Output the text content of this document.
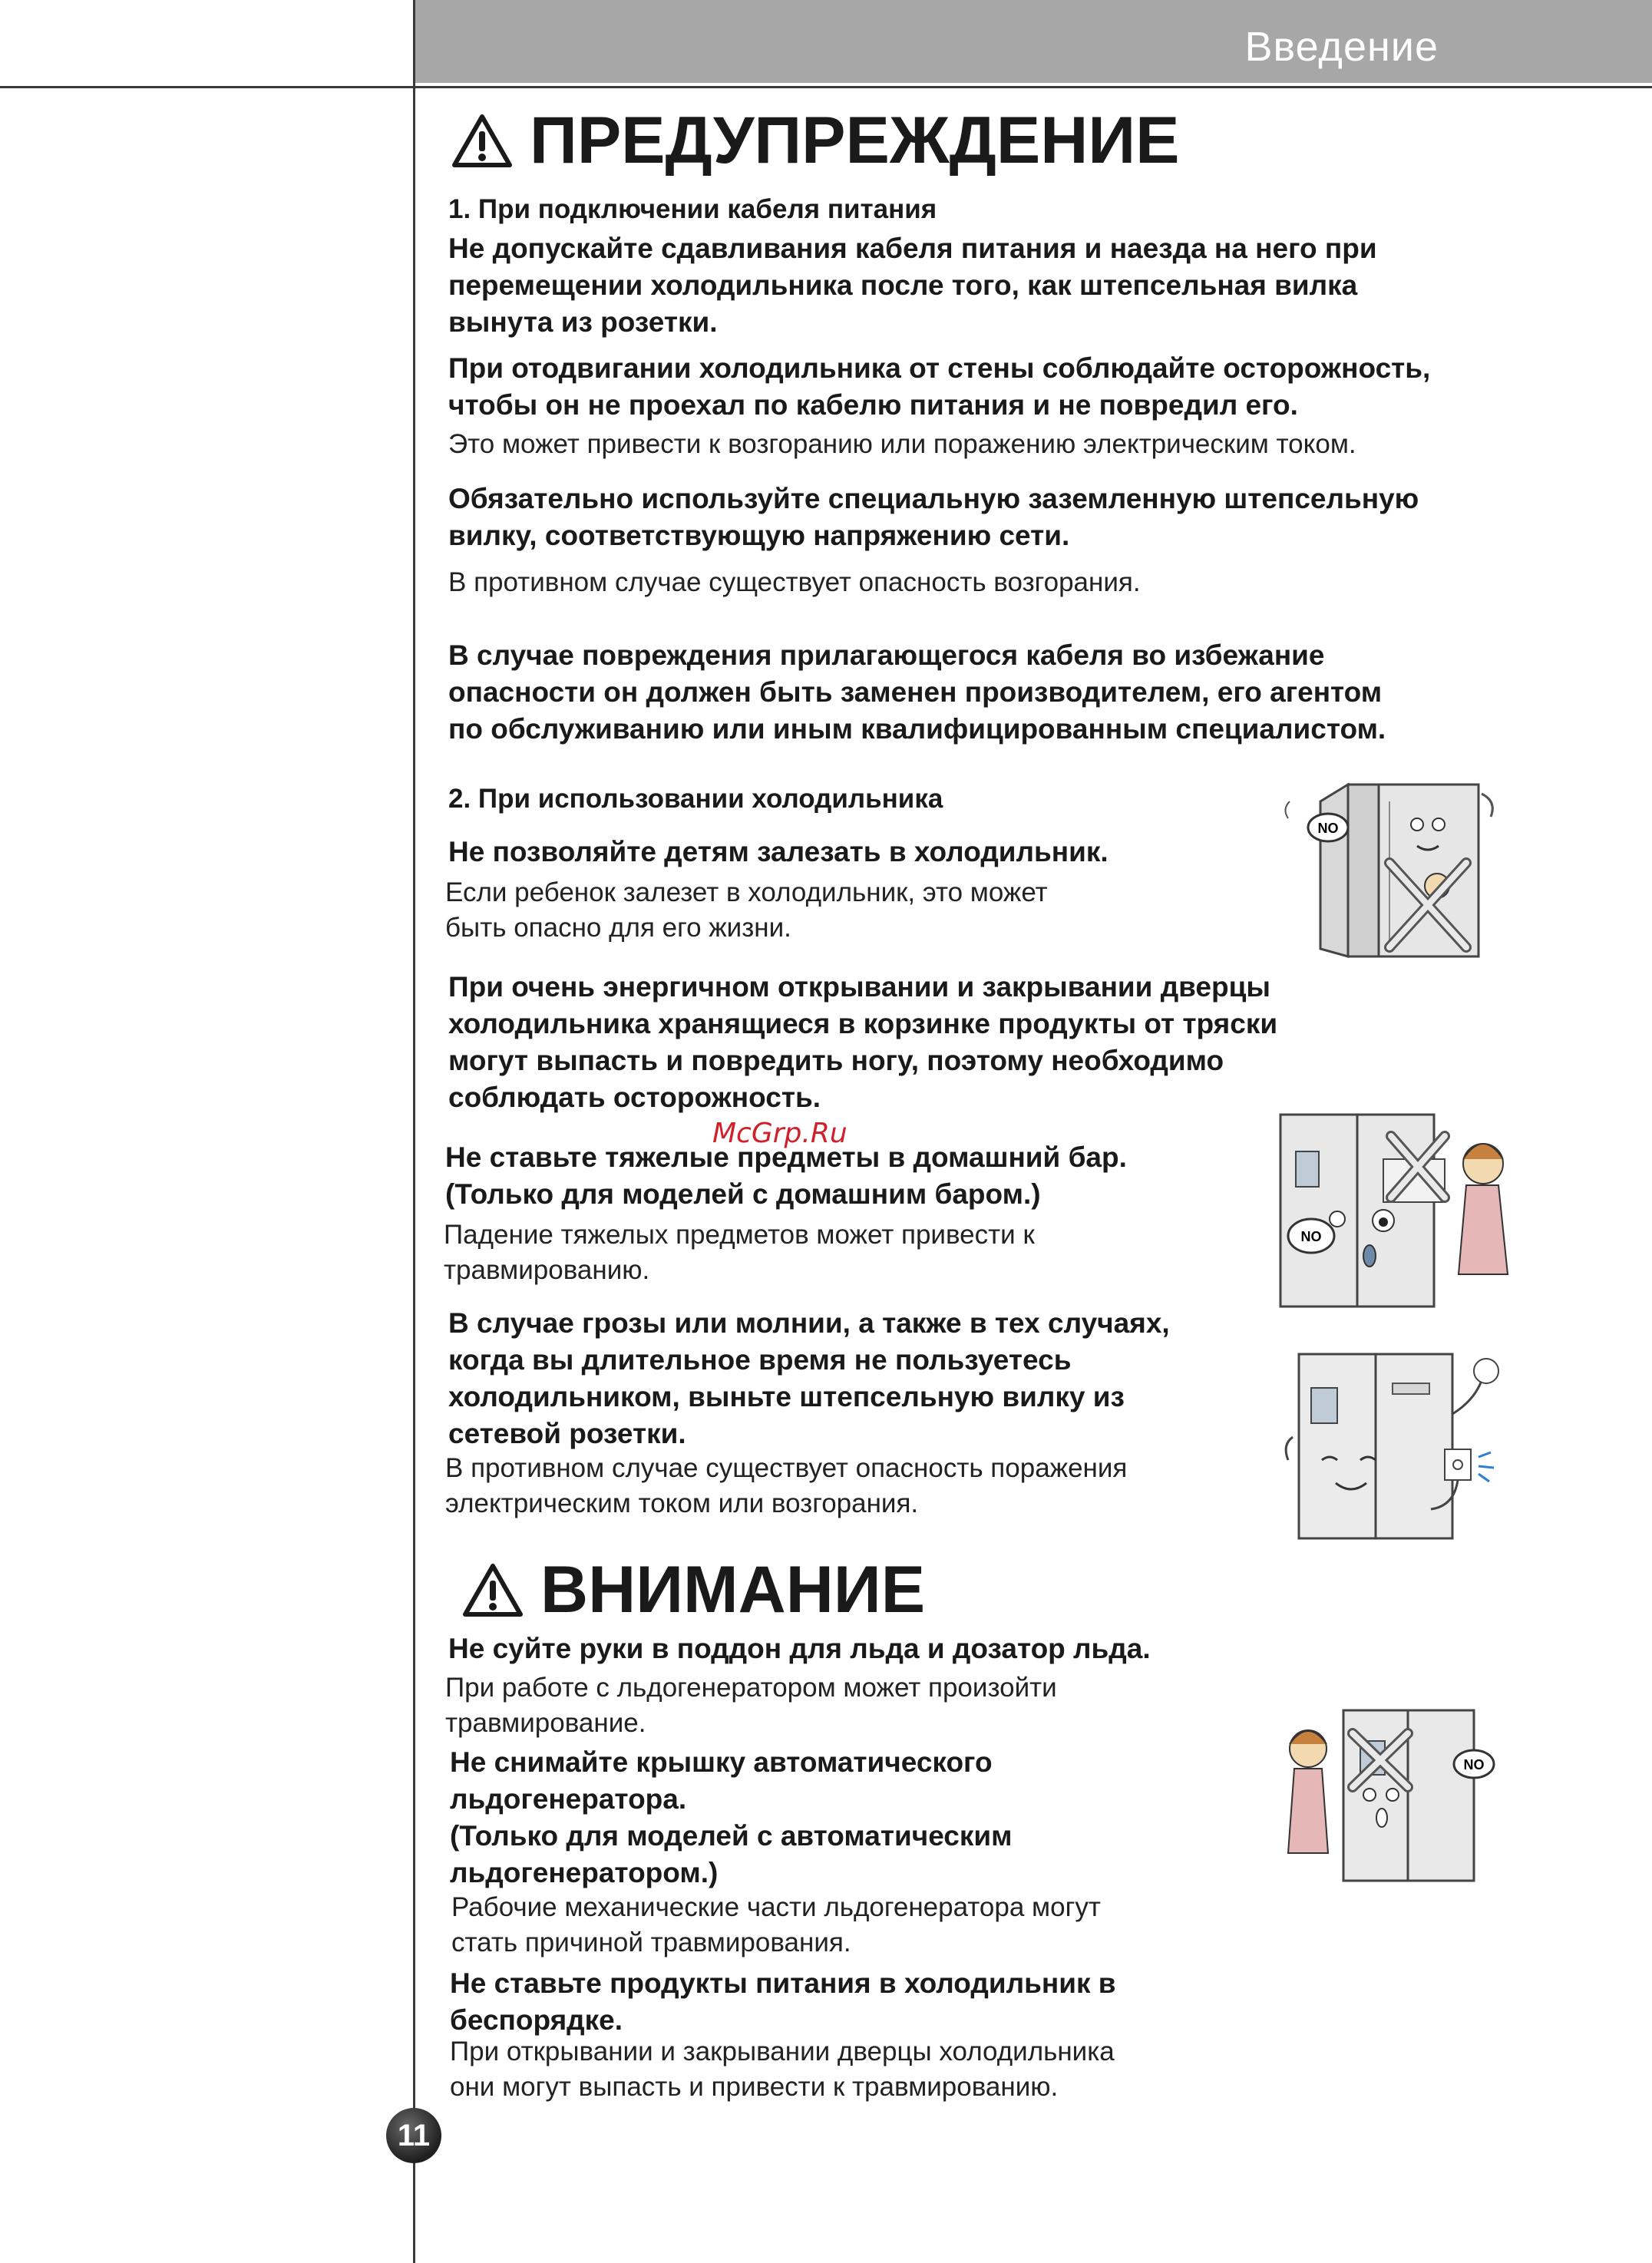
Введение
ПРЕДУПРЕЖДЕНИЕ

1. При подключении кабеля питания

Не допускайте сдавливания кабеля питания и наезда на него при
перемещении холодильника после того, как штепсельная вилка
вынута из розетки.

При отодвигании холодильника от стены соблюдайте осторожность,
чтобы он не проехал по кабелю питания и не повредил его.

Это может привести к возгоранию или поражению электрическим током.

Обязательно используйте специальную заземленную штепсельную
вилку, соответствующую напряжению сети.

В противном случае существует опасность возгорания.

В случае повреждения прилагающегося кабеля во избежание
опасности он должен быть заменен производителем, его агентом
по обслуживанию или иным квалифицированным специалистом.

2. При использовании холодильника

Не позволяйте детям залезать в холодильник.

Если ребенок залезет в холодильник, это может
быть опасно для его жизни.

При очень энергичном открывании и закрывании дверцы
холодильника хранящиеся в корзинке продукты от тряски
могут выпасть и повредить ногу, поэтому необходимо
соблюдать осторожность.

McGrp.Ru

Не ставьте тяжелые предметы в домашний бар.
(Только для моделей с домашним баром.)

Падение тяжелых предметов может привести к
травмированию.

В случае грозы или молнии, а также в тех случаях,
когда вы длительное время не пользуетесь
холодильником, выньте штепсельную вилку из
сетевой розетки.

В противном случае существует опасность поражения
электрическим током или возгорания.

ВНИМАНИЕ

Не суйте руки в поддон для льда и дозатор льда.

При работе с льдогенератором может произойти
травмирование.

Не снимайте крышку автоматического
льдогенератора.
(Только для моделей с автоматическим
льдогенератором.)

Рабочие механические части льдогенератора могут
стать причиной травмирования.

Не ставьте продукты питания в холодильник в
беспорядке.

При открывании и закрывании дверцы холодильника
они могут выпасть и привести к травмированию.

11
NO
NO
NO
